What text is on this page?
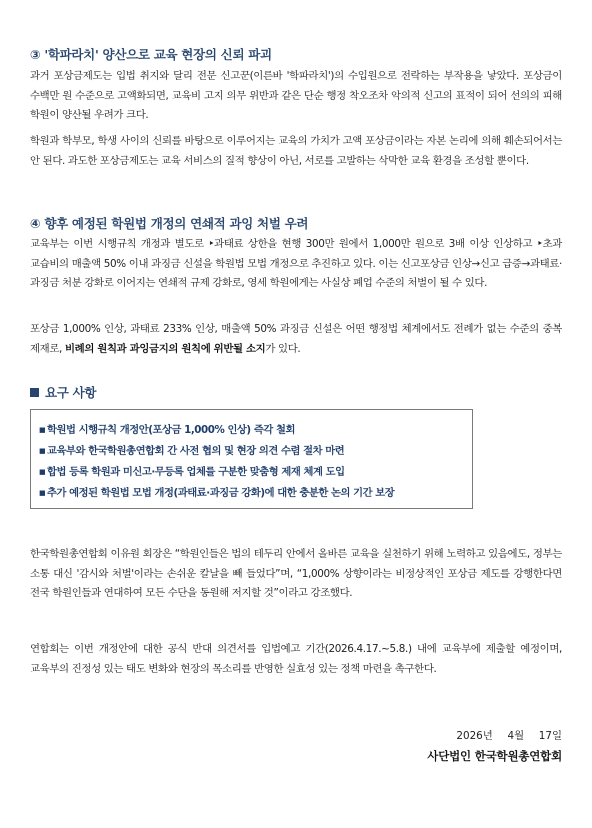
③ '학파라치' 양산으로 교육 현장의 신뢰 파괴

과거 포상금제도는 입법 취지와 달리 전문 신고꾼(이른바 '학파라치')의 수입원으로 전락하는 부작용을 낳았다. 포상금이 수백만 원 수준으로 고액화되면, 교육비 고지 의무 위반과 같은 단순 행정 착오조차 악의적 신고의 표적이 되어 선의의 피해 학원이 양산될 우려가 크다.

학원과 학부모, 학생 사이의 신뢰를 바탕으로 이루어지는 교육의 가치가 고액 포상금이라는 자본 논리에 의해 훼손되어서는 안 된다. 과도한 포상금제도는 교육 서비스의 질적 향상이 아닌, 서로를 고발하는 삭막한 교육 환경을 조성할 뿐이다.

④ 향후 예정된 학원법 개정의 연쇄적 과잉 처벌 우려

교육부는 이번 시행규칙 개정과 별도로 ‣과태료 상한을 현행 300만 원에서 1,000만 원으로 3배 이상 인상하고 ‣초과 교습비의 매출액 50% 이내 과징금 신설을 학원법 모법 개정으로 추진하고 있다. 이는 신고포상금 인상→신고 급증→과태료·과징금 처분 강화로 이어지는 연쇄적 규제 강화로, 영세 학원에게는 사실상 폐업 수준의 처벌이 될 수 있다.

포상금 1,000% 인상, 과태료 233% 인상, 매출액 50% 과징금 신설은 어떤 행정법 체계에서도 전례가 없는 수준의 중복 제재로, 비례의 원칙과 과잉금지의 원칙에 위반될 소지가 있다.

요구 사항
■ 학원법 시행규칙 개정안(포상금 1,000% 인상) 즉각 철회
■ 교육부와 한국학원총연합회 간 사전 협의 및 현장 의견 수렴 절차 마련
■ 합법 등록 학원과 미신고·무등록 업체를 구분한 맞춤형 제재 체계 도입
■ 추가 예정된 학원법 모법 개정(과태료·과징금 강화)에 대한 충분한 논의 기간 보장

한국학원총연합회 이유원 회장은 “학원인들은 법의 테두리 안에서 올바른 교육을 실천하기 위해 노력하고 있음에도, 정부는 소통 대신 '감시와 처벌'이라는 손쉬운 칼날을 빼 들었다”며, “1,000% 상향이라는 비정상적인 포상금 제도를 강행한다면 전국 학원인들과 연대하여 모든 수단을 동원해 저지할 것”이라고 강조했다.

연합회는 이번 개정안에 대한 공식 반대 의견서를 입법예고 기간(2026.4.17.~5.8.) 내에 교육부에 제출할 예정이며, 교육부의 진정성 있는 태도 변화와 현장의 목소리를 반영한 실효성 있는 정책 마련을 촉구한다.

2026년 4월 17일
사단법인 한국학원총연합회
